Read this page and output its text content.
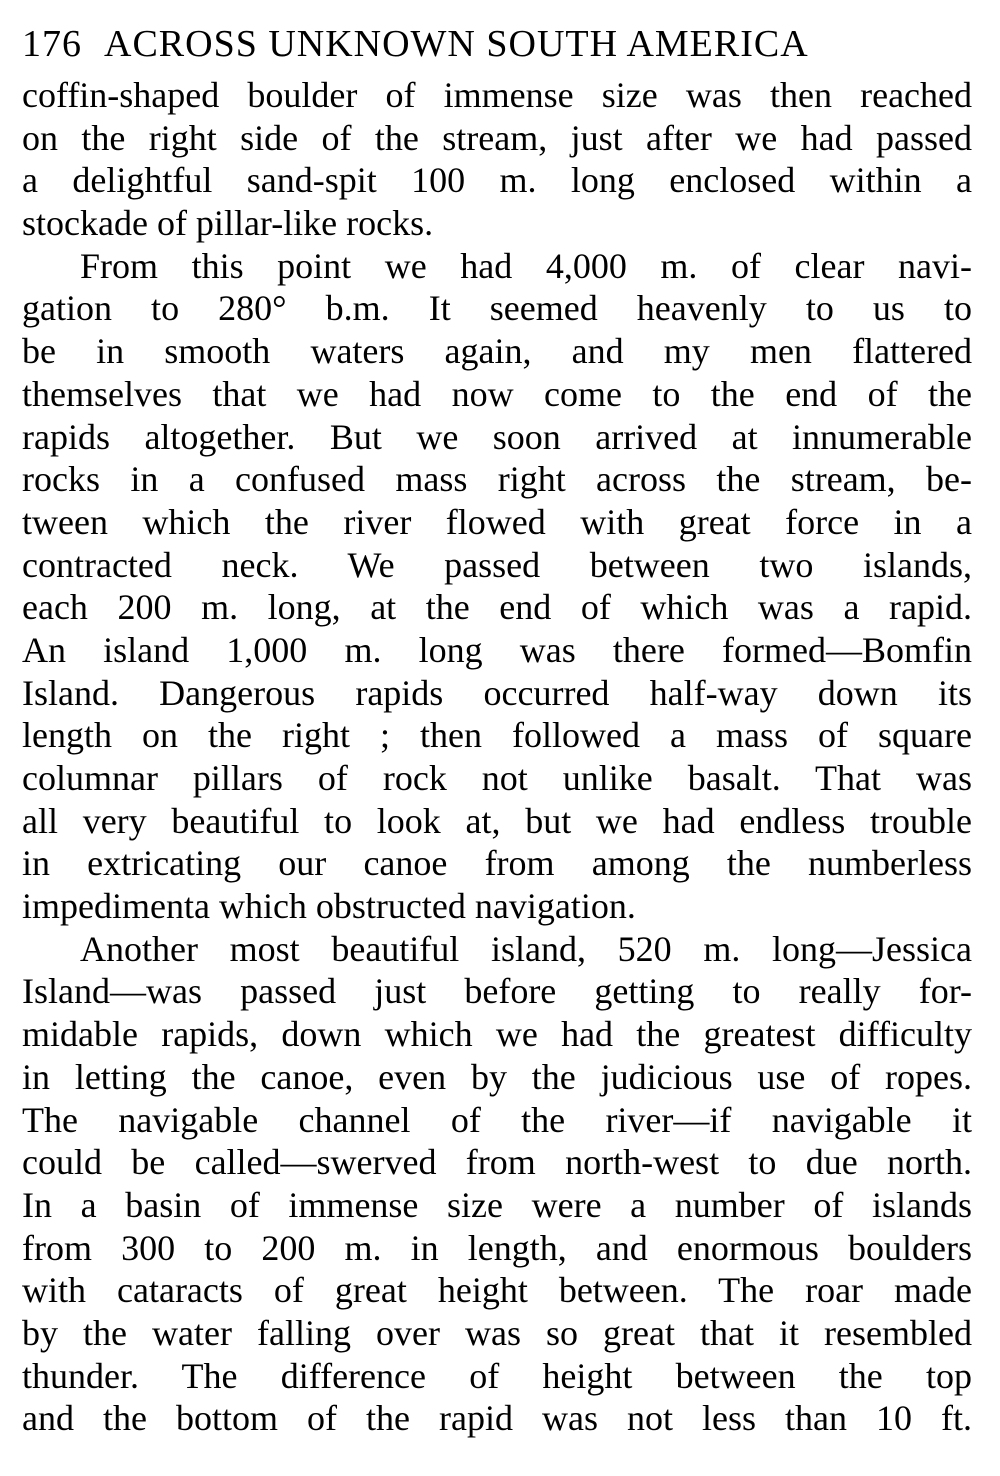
176 ACROSS UNKNOWN SOUTH AMERICA
coffin-shaped boulder of immense size was then reached
on the right side of the stream, just after we had passed
a delightful sand-spit 100 m. long enclosed within a
stockade of pillar-like rocks.
From this point we had 4,000 m. of clear navi-
gation to 280° b.m. It seemed heavenly to us to
be in smooth waters again, and my men flattered
themselves that we had now come to the end of the
rapids altogether. But we soon arrived at innumerable
rocks in a confused mass right across the stream, be-
tween which the river flowed with great force in a
contracted neck. We passed between two islands,
each 200 m. long, at the end of which was a rapid.
An island 1,000 m. long was there formed—Bomfin
Island. Dangerous rapids occurred half-way down its
length on the right ; then followed a mass of square
columnar pillars of rock not unlike basalt. That was
all very beautiful to look at, but we had endless trouble
in extricating our canoe from among the numberless
impedimenta which obstructed navigation.
Another most beautiful island, 520 m. long—Jessica
Island—was passed just before getting to really for-
midable rapids, down which we had the greatest difficulty
in letting the canoe, even by the judicious use of ropes.
The navigable channel of the river—if navigable it
could be called—swerved from north-west to due north.
In a basin of immense size were a number of islands
from 300 to 200 m. in length, and enormous boulders
with cataracts of great height between. The roar made
by the water falling over was so great that it resembled
thunder. The difference of height between the top
and the bottom of the rapid was not less than 10 ft.
